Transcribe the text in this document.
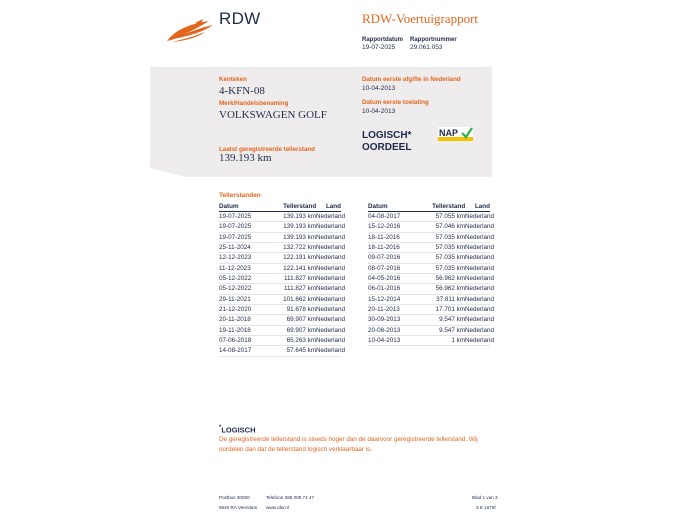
RDW	RDW-Voertuigrapport
Rapportdatum
19-07-2025
Rapportnummer
29.061.053
Kenteken
4-KFN-08
Merk/Handelsbenaming
VOLKSWAGEN GOLF
Laatst geregistreerde tellerstand
139.193 km
Datum eerste afgifte in Nederland
10-04-2013
Datum eerste toelating
10-04-2013
LOGISCH*
OORDEEL
NAP
Tellerstanden
Datum	Tellerstand	Land
19-07-2025	139.193 km Nederland
19-07-2025	139.193 km Nederland
19-07-2025	139.193 km Nederland
25-11-2024	132.722 km Nederland
12-12-2023	122.191 km Nederland
11-12-2023	122.141 km Nederland
05-12-2022	111.827 km Nederland
05-12-2022	111.827 km Nederland
29-11-2021	101.662 km Nederland
21-12-2020	91.678 km Nederland
20-11-2018	69.907 km Nederland
19-11-2018	69.907 km Nederland
07-06-2018	65.263 km Nederland
14-08-2017	57.645 km Nederland
Datum	Tellerstand	Land
04-08-2017	57.055 km Nederland
15-12-2016	57.046 km Nederland
18-11-2016	57.035 km Nederland
18-11-2016	57.035 km Nederland
09-07-2016	57.035 km Nederland
08-07-2016	57.035 km Nederland
04-05-2016	56.962 km Nederland
06-01-2016	56.962 km Nederland
15-12-2014	37.811 km Nederland
20-11-2013	17.701 km Nederland
30-09-2013	9.547 km Nederland
20-08-2013	9.547 km Nederland
10-04-2013	1 km Nederland
*LOGISCH
De geregistreerde tellerstand is steeds hoger dan de daarvoor geregistreerde tellerstand. Wij oordelen dan dat de tellerstand logisch verklaarbaar is.
Postbus 30000
9640 RA Veendam
Telefoon 088 008 74 47
www.rdw.nl
Blad 1 van 3
3 E 1675f
